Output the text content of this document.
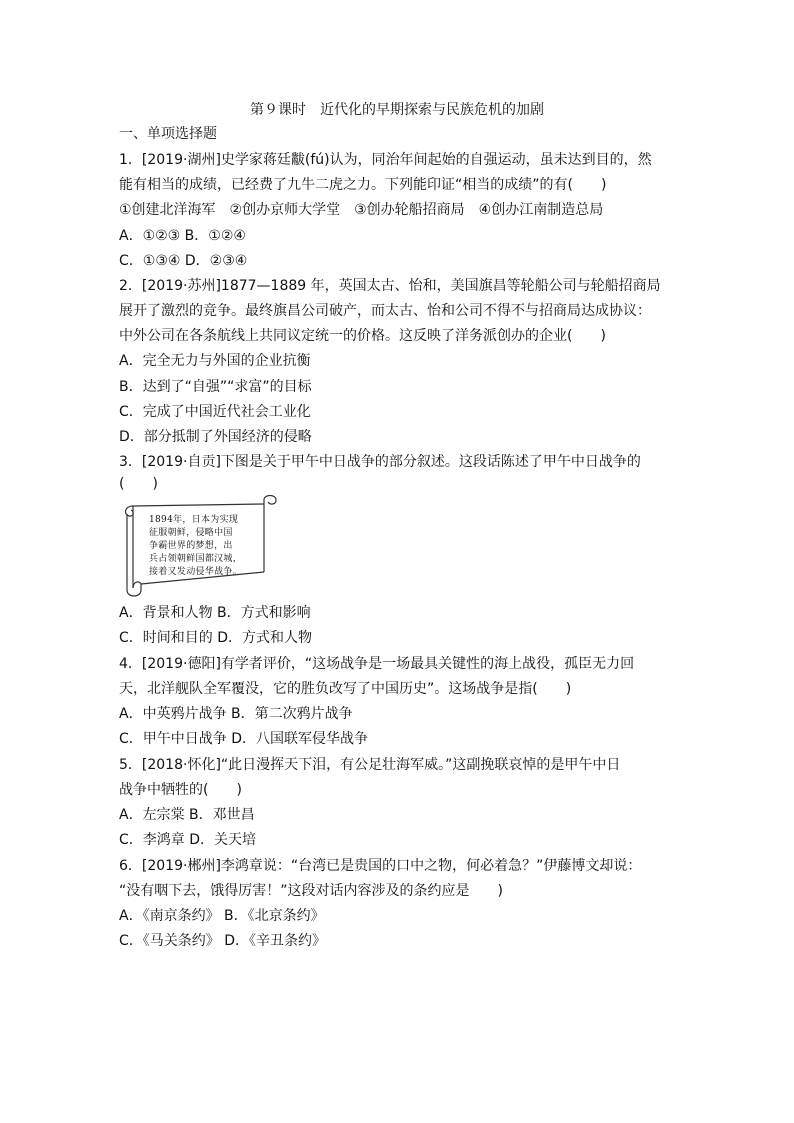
第９课时　近代化的早期探索与民族危机的加剧
一、单项选择题
1．[2019·湖州]史学家蒋廷黻(fú)认为，同治年间起始的自强运动，虽未达到目的，然
能有相当的成绩，已经费了九牛二虎之力。下列能印证“相当的成绩”的有(　　)
①创建北洋海军　②创办京师大学堂　③创办轮船招商局　④创办江南制造总局
A．①②③ B．①②④
C．①③④ D．②③④
2．[2019·苏州]1877—1889 年，英国太古、怡和，美国旗昌等轮船公司与轮船招商局
展开了激烈的竞争。最终旗昌公司破产，而太古、怡和公司不得不与招商局达成协议：
中外公司在各条航线上共同议定统一的价格。这反映了洋务派创办的企业(　　)
A．完全无力与外国的企业抗衡
B．达到了“自强”“求富”的目标
C．完成了中国近代社会工业化
D．部分抵制了外国经济的侵略
3．[2019·自贡]下图是关于甲午中日战争的部分叙述。这段话陈述了甲午中日战争的
(　　)
1894年，日本为实现
征服朝鲜，侵略中国
争霸世界的梦想，出
兵占领朝鲜国都汉城，
接着又发动侵华战争。
A．背景和人物 B．方式和影响
C．时间和目的 D．方式和人物
4．[2019·德阳]有学者评价，“这场战争是一场最具关键性的海上战役，孤臣无力回
天，北洋舰队全军覆没，它的胜负改写了中国历史”。这场战争是指(　　)
A．中英鸦片战争 B．第二次鸦片战争
C．甲午中日战争 D．八国联军侵华战争
5．[2018·怀化]“此日漫挥天下泪，有公足壮海军威。”这副挽联哀悼的是甲午中日
战争中牺牲的(　　)
A．左宗棠 B．邓世昌
C．李鸿章 D．关天培
6．[2019·郴州]李鸿章说：“台湾已是贵国的口中之物，何必着急？”伊藤博文却说：
“没有咽下去，饿得厉害！”这段对话内容涉及的条约应是　　)
A．《南京条约》 B．《北京条约》
C．《马关条约》 D．《辛丑条约》
